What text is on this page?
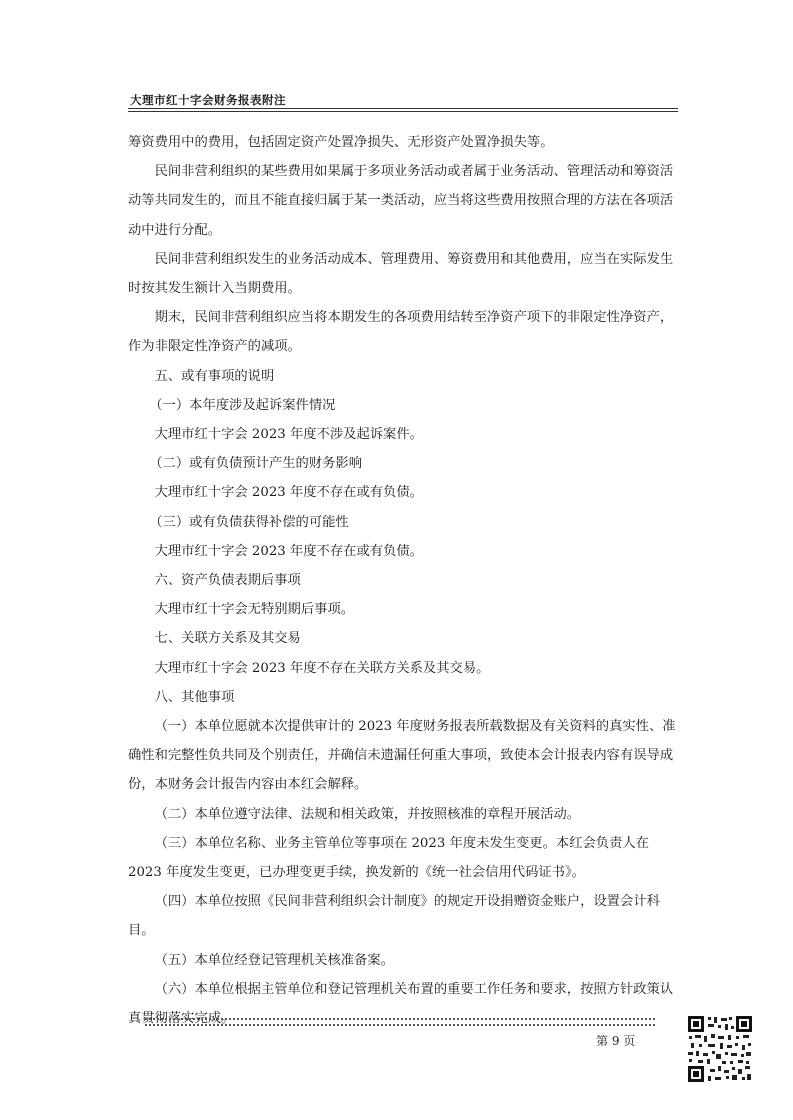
大理市红十字会财务报表附注

筹资费用中的费用，包括固定资产处置净损失、无形资产处置净损失等。

民间非营利组织的某些费用如果属于多项业务活动或者属于业务活动、管理活动和筹资活动等共同发生的，而且不能直接归属于某一类活动，应当将这些费用按照合理的方法在各项活动中进行分配。

民间非营利组织发生的业务活动成本、管理费用、筹资费用和其他费用，应当在实际发生时按其发生额计入当期费用。

期末，民间非营利组织应当将本期发生的各项费用结转至净资产项下的非限定性净资产，作为非限定性净资产的减项。

五、或有事项的说明

（一）本年度涉及起诉案件情况

大理市红十字会 2023 年度不涉及起诉案件。

（二）或有负债预计产生的财务影响

大理市红十字会 2023 年度不存在或有负债。

（三）或有负债获得补偿的可能性

大理市红十字会 2023 年度不存在或有负债。

六、资产负债表期后事项

大理市红十字会无特别期后事项。

七、关联方关系及其交易

大理市红十字会 2023 年度不存在关联方关系及其交易。

八、其他事项

（一）本单位愿就本次提供审计的 2023 年度财务报表所载数据及有关资料的真实性、准确性和完整性负共同及个别责任，并确信未遗漏任何重大事项，致使本会计报表内容有误导成份，本财务会计报告内容由本红会解释。

（二）本单位遵守法律、法规和相关政策，并按照核准的章程开展活动。

（三）本单位名称、业务主管单位等事项在 2023 年度未发生变更。本红会负责人在 2023 年度发生变更，已办理变更手续，换发新的《统一社会信用代码证书》。

（四）本单位按照《民间非营利组织会计制度》的规定开设捐赠资金账户，设置会计科目。

（五）本单位经登记管理机关核准备案。

（六）本单位根据主管单位和登记管理机关布置的重要工作任务和要求，按照方针政策认真贯彻落实完成。

第 9 页
